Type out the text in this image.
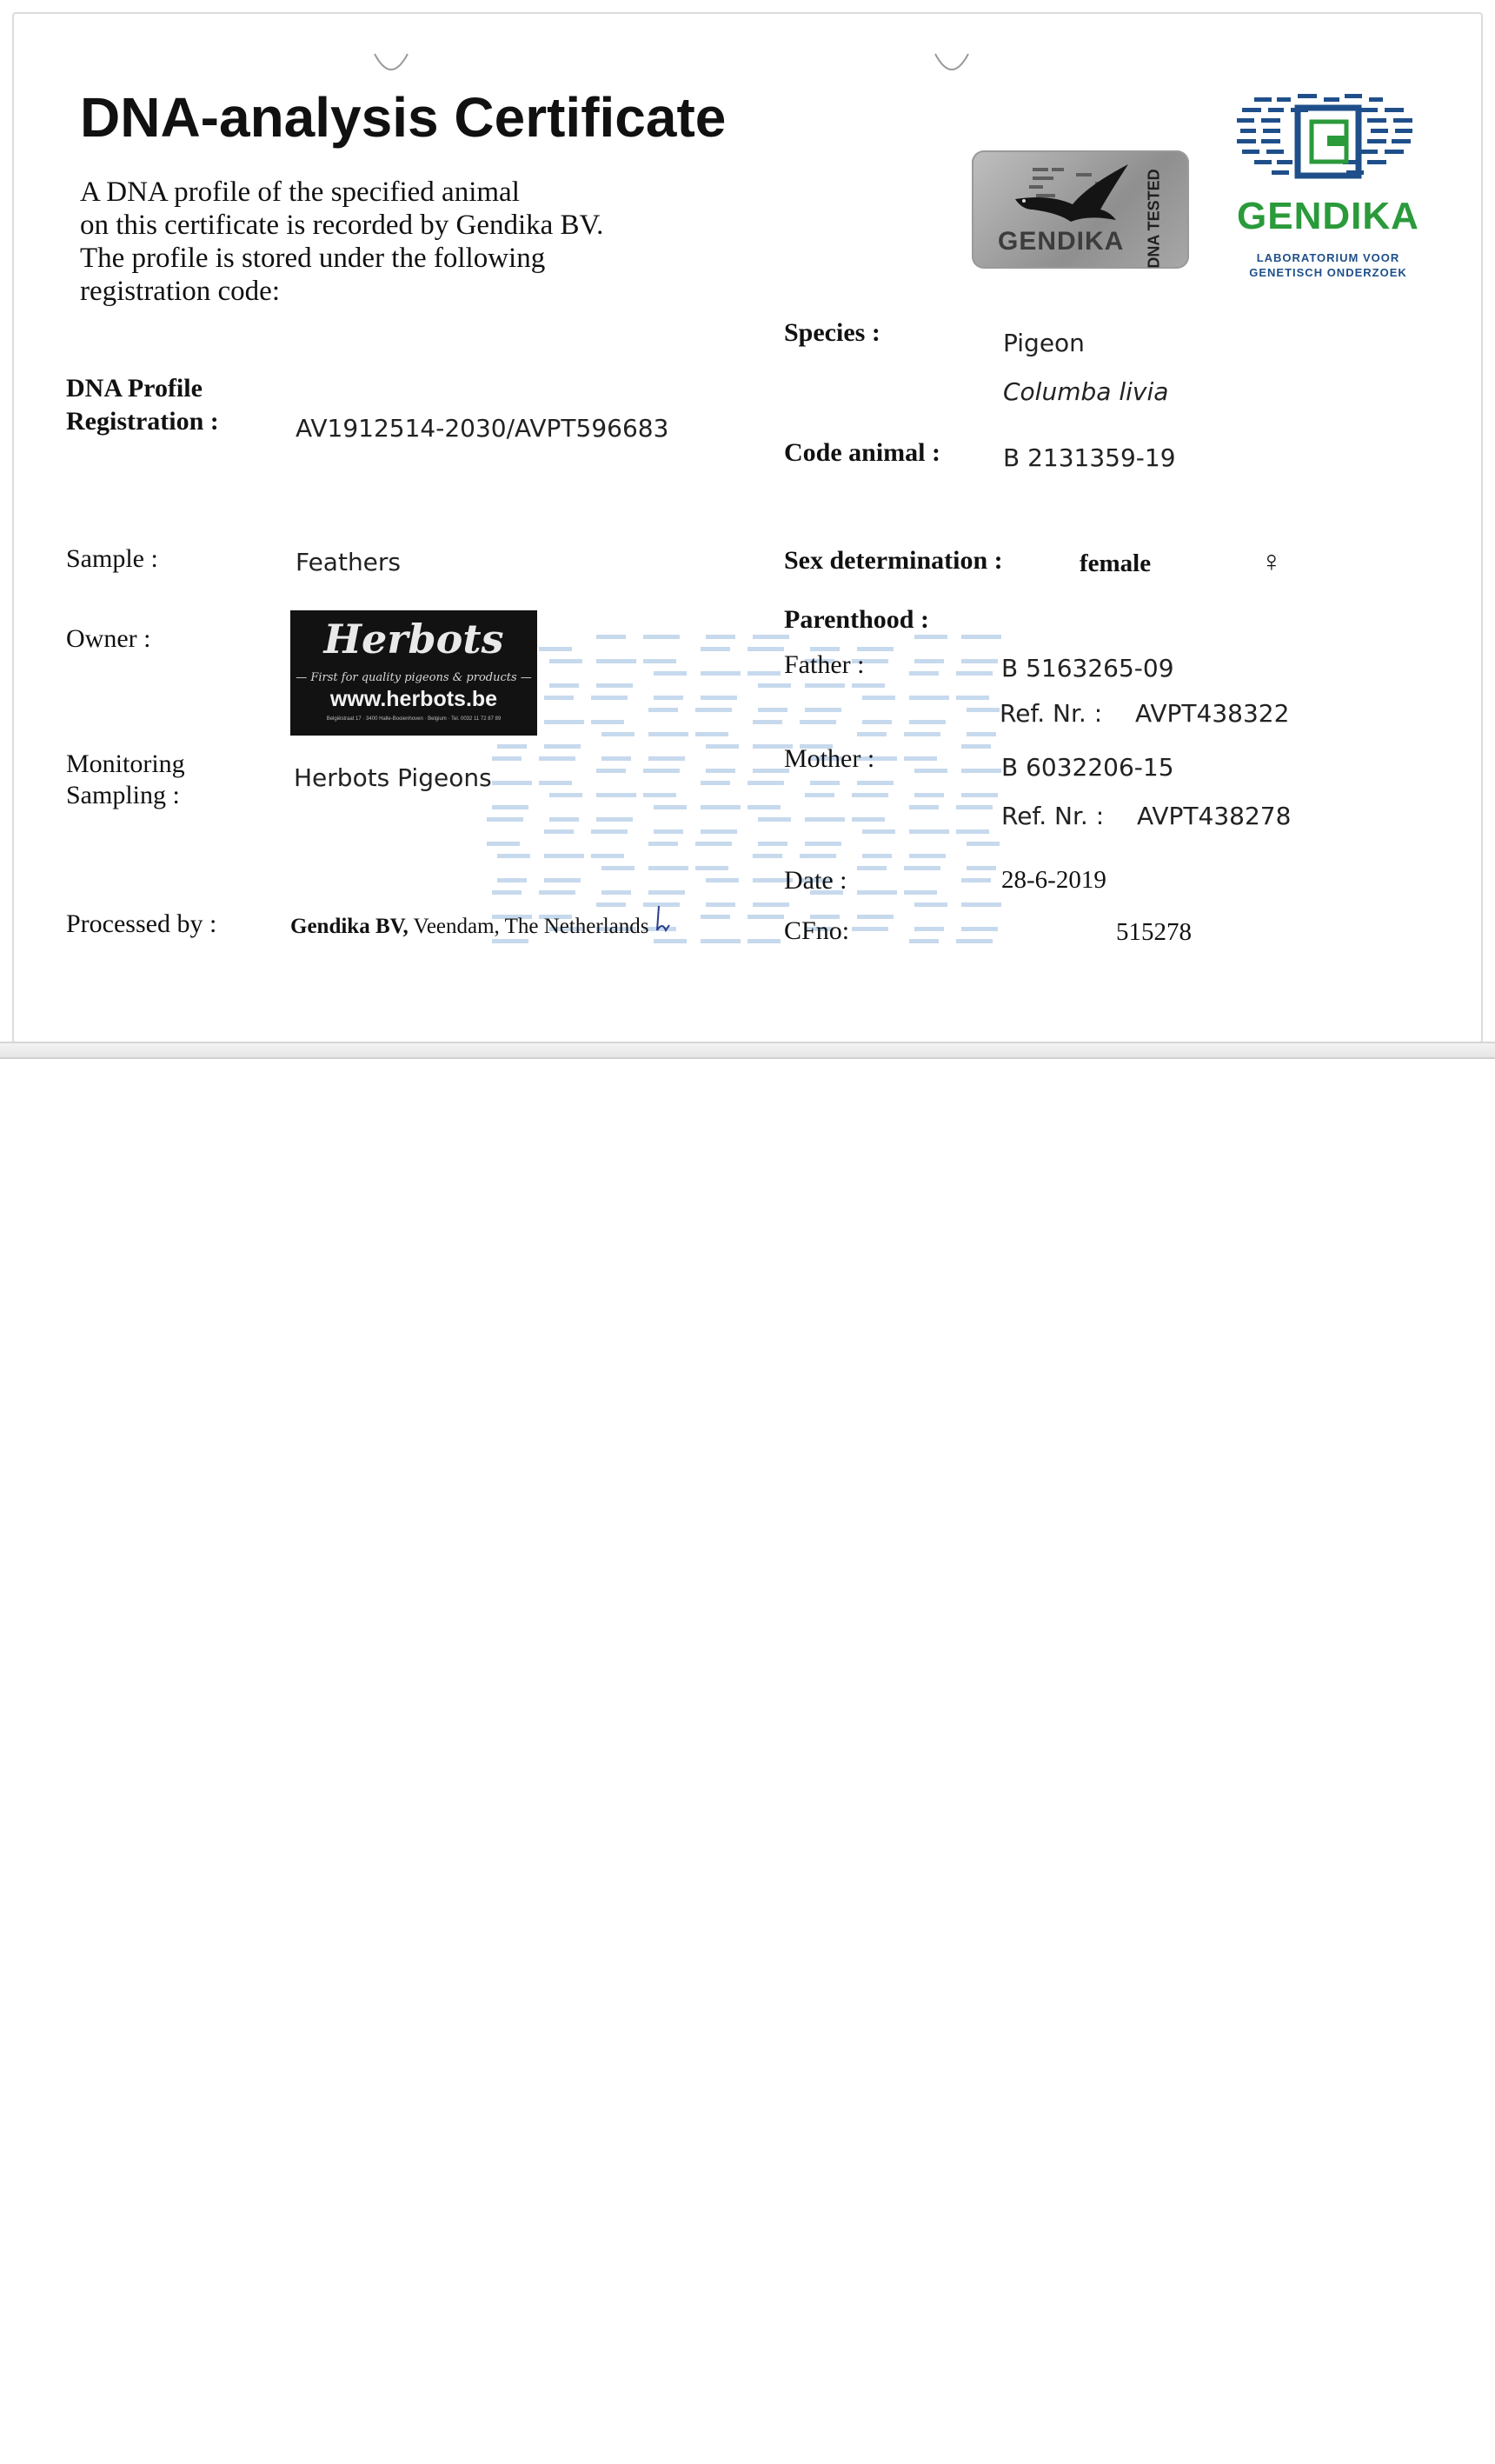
DNA-analysis Certificate
A DNA profile of the specified animal
on this certificate is recorded by Gendika BV.
The profile is stored under the following
registration code:
GENDIKA DNA TESTED GENDIKA
LABORATORIUM VOOR
GENETISCH ONDERZOEK
DNA Profile
Registration :	AV1912514-2030/AVPT596683
Sample :	Feathers
Owner :	Herbots
— First for quality pigeons & products —
www.herbots.be
Belgiëstraat 17 · 3400 Halle-Booienhoven · Belgium · Tel. 0032 11 72 87 89
Monitoring
Sampling :
Herbots Pigeons
Processed by :	Gendika BV, Veendam, The Netherlands
Species :	Pigeon
Columba livia
Code animal :	B 2131359-19
Sex determination :	female	♀
Parenthood :
Father :	B 5163265-09
Ref. Nr. : AVPT438322
Mother :	B 6032206-15
Ref. Nr. : AVPT438278
Date :	28-6-2019
CFno:	515278
